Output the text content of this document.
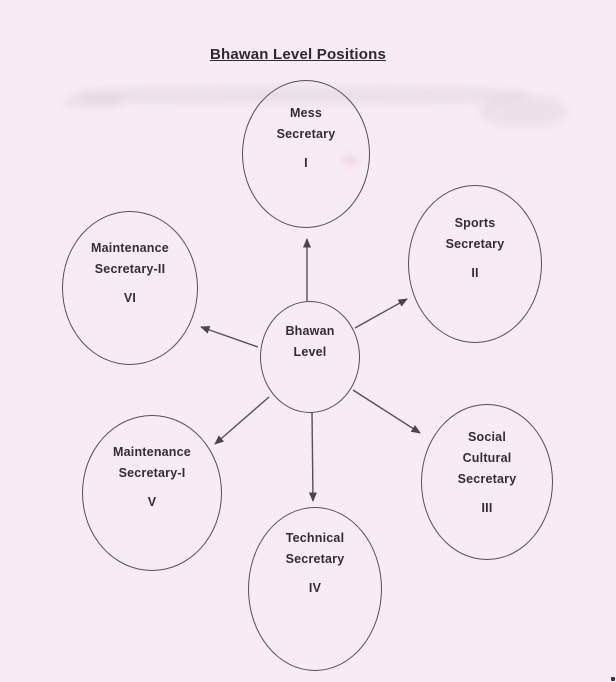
Bhawan Level Positions
Bhawan
Level
Mess
Secretary
I
Sports
Secretary
II
Maintenance
Secretary-II
VI
Social
Cultural
Secretary
III
Maintenance
Secretary-I
V
Technical
Secretary
IV
